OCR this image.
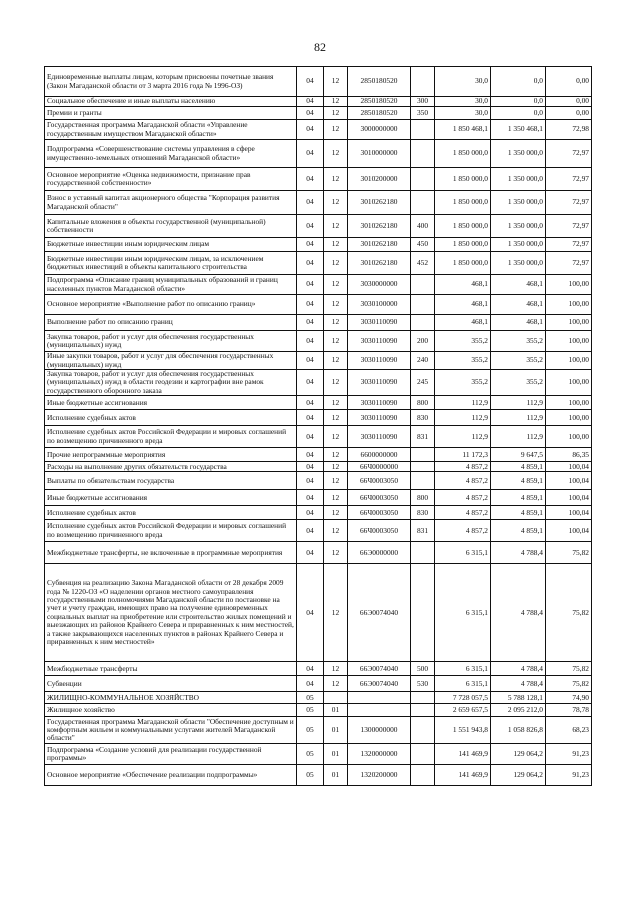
82
Единовременные выплаты лицам, которым присвоены почетные звания (Закон Магаданской области от 3 марта 2016 года № 1996-ОЗ)	04	12	2850180520		30,0	0,0	0,00
Социальное обеспечение и иные выплаты населению	04	12	2850180520	300	30,0	0,0	0,00
Премии и гранты	04	12	2850180520	350	30,0	0,0	0,00
Государственная программа Магаданской области «Управление государственным имуществом Магаданской области»	04	12	3000000000		1 850 468,1	1 350 468,1	72,98
Подпрограмма «Совершенствование системы управления в сфере имущественно-земельных отношений Магаданской области»	04	12	3010000000		1 850 000,0	1 350 000,0	72,97
Основное мероприятие «Оценка недвижимости, признание прав государственной собственности»	04	12	3010200000		1 850 000,0	1 350 000,0	72,97
Взнос в уставный капитал акционерного общества "Корпорация развития Магаданской области"	04	12	3010262180		1 850 000,0	1 350 000,0	72,97
Капитальные вложения в объекты государственной (муниципальной) собственности	04	12	3010262180	400	1 850 000,0	1 350 000,0	72,97
Бюджетные инвестиции иным юридическим лицам	04	12	3010262180	450	1 850 000,0	1 350 000,0	72,97
Бюджетные инвестиции иным юридическим лицам, за исключением бюджетных инвестиций в объекты капитального строительства	04	12	3010262180	452	1 850 000,0	1 350 000,0	72,97
Подпрограмма «Описание границ муниципальных образований и границ населенных пунктов Магаданской области»	04	12	3030000000		468,1	468,1	100,00
Основное мероприятие «Выполнение работ по описанию границ»	04	12	3030100000		468,1	468,1	100,00
Выполнение работ по описанию границ	04	12	3030110090		468,1	468,1	100,00
Закупка товаров, работ и услуг для обеспечения государственных (муниципальных) нужд	04	12	3030110090	200	355,2	355,2	100,00
Иные закупки товаров, работ и услуг для обеспечения государственных (муниципальных) нужд	04	12	3030110090	240	355,2	355,2	100,00
Закупка товаров, работ и услуг для обеспечения государственных (муниципальных) нужд в области геодезии и картографии вне рамок государственного оборонного заказа	04	12	3030110090	245	355,2	355,2	100,00
Иные бюджетные ассигнования	04	12	3030110090	800	112,9	112,9	100,00
Исполнение судебных актов	04	12	3030110090	830	112,9	112,9	100,00
Исполнение судебных актов Российской Федерации и мировых соглашений по возмещению причиненного вреда	04	12	3030110090	831	112,9	112,9	100,00
Прочие непрограммные мероприятия	04	12	6600000000		11 172,3	9 647,5	86,35
Расходы на выполнение других обязательств государства	04	12	66Ч0000000		4 857,2	4 859,1	100,04
Выплаты по обязательствам государства	04	12	66Ч0003050		4 857,2	4 859,1	100,04
Иные бюджетные ассигнования	04	12	66Ч0003050	800	4 857,2	4 859,1	100,04
Исполнение судебных актов	04	12	66Ч0003050	830	4 857,2	4 859,1	100,04
Исполнение судебных актов Российской Федерации и мировых соглашений по возмещению причиненного вреда	04	12	66Ч0003050	831	4 857,2	4 859,1	100,04
Межбюджетные трансферты, не включенные в программные мероприятия	04	12	66Э0000000		6 315,1	4 788,4	75,82
Субвенция на реализацию Закона Магаданской области от 28 декабря 2009 года № 1220-ОЗ «О наделении органов местного самоуправления государственными полномочиями Магаданской области по постановке на учет и учету граждан, имеющих право на получение единовременных социальных выплат на приобретение или строительство жилых помещений и выезжающих из районов Крайнего Севера и приравненных к ним местностей, а также закрывающихся населенных пунктов в районах Крайнего Севера и приравненных к ним местностей»	04	12	66Э0074040		6 315,1	4 788,4	75,82
Межбюджетные трансферты	04	12	66Э0074040	500	6 315,1	4 788,4	75,82
Субвенции	04	12	66Э0074040	530	6 315,1	4 788,4	75,82
ЖИЛИЩНО-КОММУНАЛЬНОЕ ХОЗЯЙСТВО	05				7 728 057,5	5 788 128,1	74,90
Жилищное хозяйство	05	01			2 659 657,5	2 095 212,0	78,78
Государственная программа Магаданской области "Обеспечение доступным и комфортным жильем и коммунальными услугами жителей Магаданской области"	05	01	1300000000		1 551 943,8	1 058 826,8	68,23
Подпрограмма «Создание условий для реализации государственной программы»	05	01	1320000000		141 469,9	129 064,2	91,23
Основное мероприятие «Обеспечение реализации подпрограммы»	05	01	1320200000		141 469,9	129 064,2	91,23
